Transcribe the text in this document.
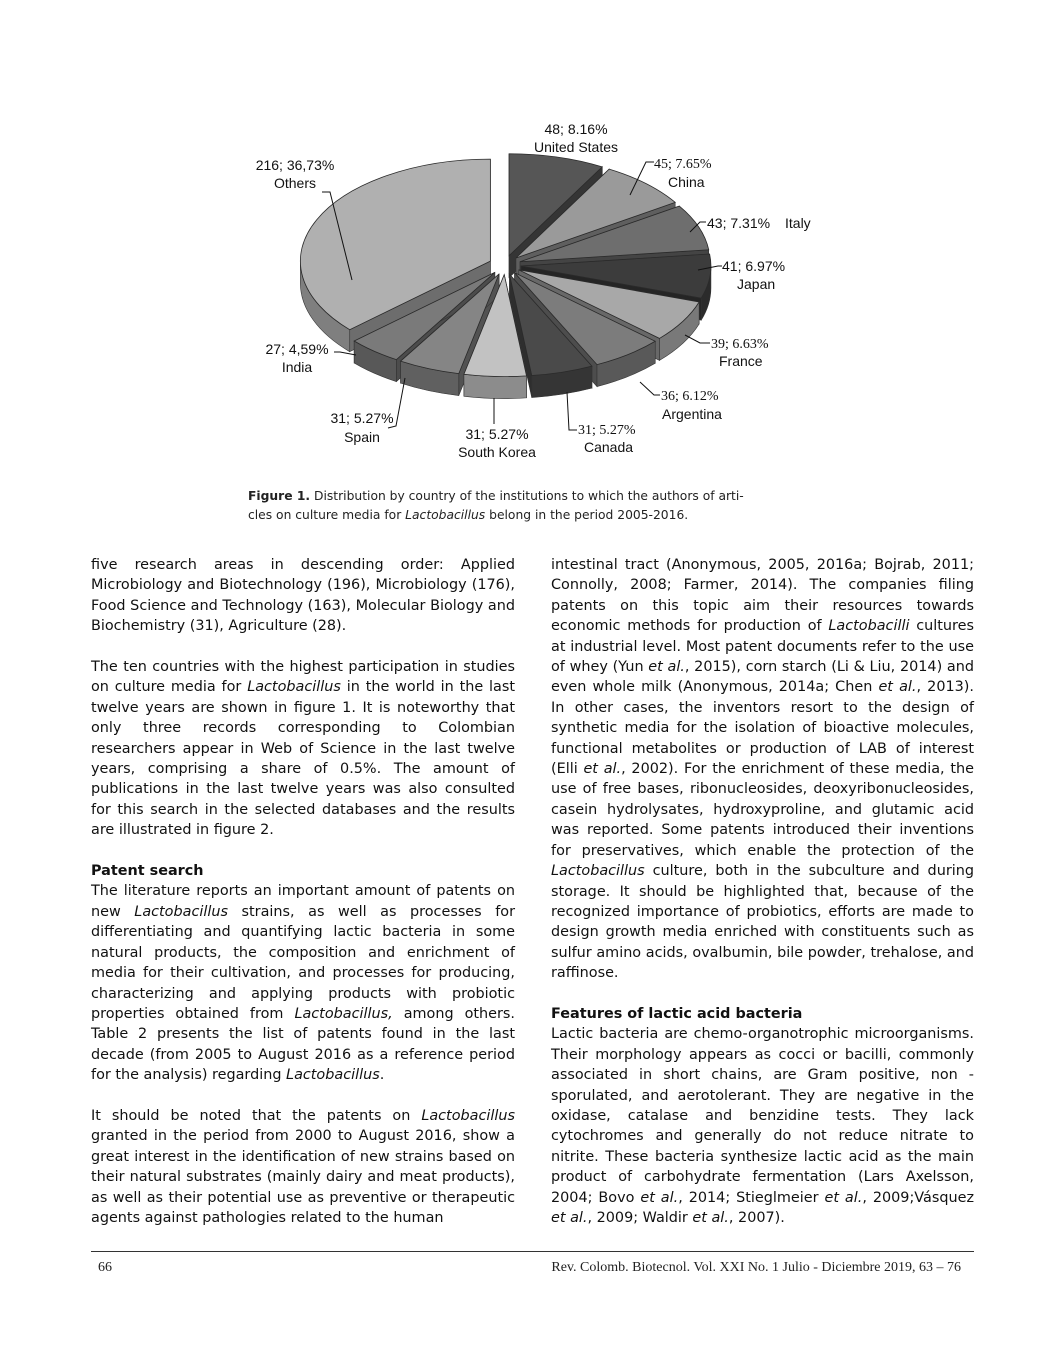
48; 8.16%
United States
45; 7.65%
China
43; 7.31% Italy
41; 6.97%
Japan
39; 6.63%
France
36; 6.12%
Argentina
31; 5.27%
Canada
31; 5.27%
South Korea
31; 5.27%
Spain
27; 4,59%
India
216; 36,73%
Others
Figure 1. Distribution by country of the institutions to which the authors of arti-
cles on culture media for Lactobacillus belong in the period 2005-2016.

five research areas in descending order: Applied Microbiology and Biotechnology (196), Microbiology (176), Food Science and Technology (163), Molecular Biology and Biochemistry (31), Agriculture (28).

The ten countries with the highest participation in studies on culture media for Lactobacillus in the world in the last twelve years are shown in figure 1. It is noteworthy that only three records corresponding to Colombian researchers appear in Web of Science in the last twelve years, comprising a share of 0.5%. The amount of publications in the last twelve years was also consulted for this search in the selected databases and the results are illustrated in figure 2.

Patent search

The literature reports an important amount of patents on new Lactobacillus strains, as well as processes for differentiating and quantifying lactic bacteria in some natural products, the composition and enrichment of media for their cultivation, and processes for producing, characterizing and applying products with probiotic properties obtained from Lactobacillus, among others. Table 2 presents the list of patents found in the last decade (from 2005 to August 2016 as a reference period for the analysis) regarding Lactobacillus.

It should be noted that the patents on Lactobacillus granted in the period from 2000 to August 2016, show a great interest in the identification of new strains based on their natural substrates (mainly dairy and meat products), as well as their potential use as preventive or therapeutic agents against pathologies related to the human

intestinal tract (Anonymous, 2005, 2016a; Bojrab, 2011; Connolly, 2008; Farmer, 2014). The companies filing patents on this topic aim their resources towards economic methods for production of Lactobacilli cultures at industrial level. Most patent documents refer to the use of whey (Yun et al., 2015), corn starch (Li & Liu, 2014) and even whole milk (Anonymous, 2014a; Chen et al., 2013). In other cases, the inventors resort to the design of synthetic media for the isolation of bioactive molecules, functional metabolites or production of LAB of interest (Elli et al., 2002). For the enrichment of these media, the use of free bases, ribonucleosides, deoxyribonucleosides, casein hydrolysates, hydroxyproline, and glutamic acid was reported. Some patents introduced their inventions for preservatives, which enable the protection of the Lactobacillus culture, both in the subculture and during storage. It should be highlighted that, because of the recognized importance of probiotics, efforts are made to design growth media enriched with constituents such as sulfur amino acids, ovalbumin, bile powder, trehalose, and raffinose.

Features of lactic acid bacteria

Lactic bacteria are chemo-organotrophic microorganisms. Their morphology appears as cocci or bacilli, commonly associated in short chains, are Gram positive, non -sporulated, and aerotolerant. They are negative in the oxidase, catalase and benzidine tests. They lack cytochromes and generally do not reduce nitrate to nitrite. These bacteria synthesize lactic acid as the main product of carbohydrate fermentation (Lars Axelsson, 2004; Bovo et al., 2014; Stieglmeier et al., 2009;Vásquez et al., 2009; Waldir et al., 2007).

66	Rev. Colomb. Biotecnol. Vol. XXI No. 1 Julio - Diciembre 2019, 63 – 76
